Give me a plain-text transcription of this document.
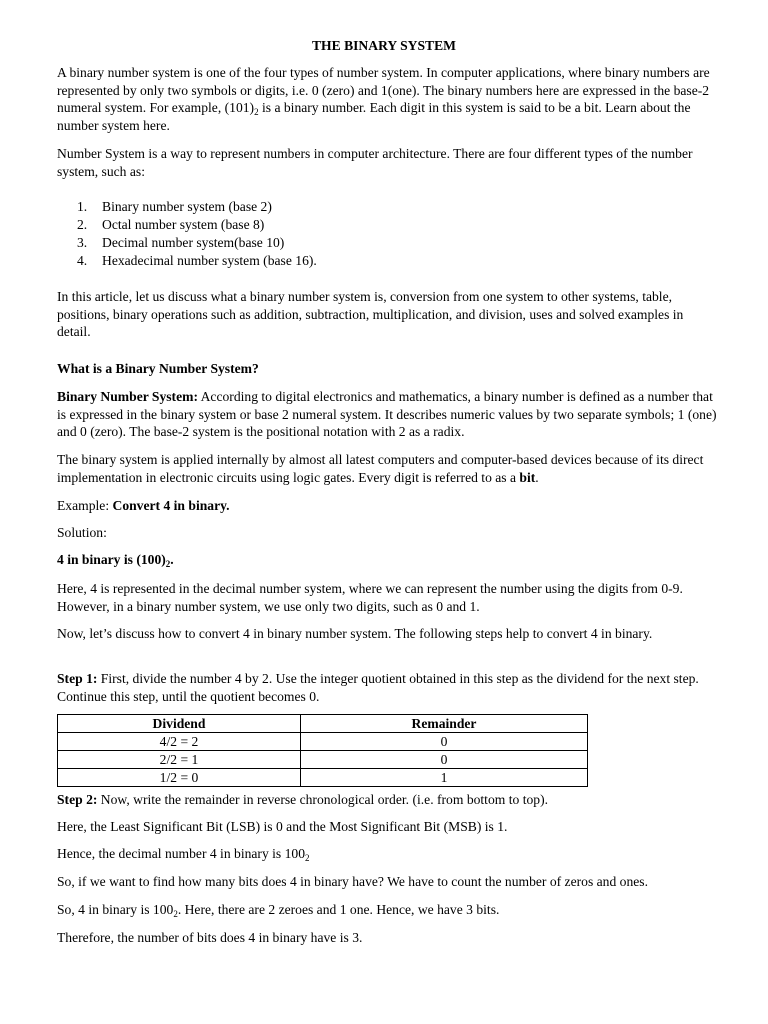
THE BINARY SYSTEM

A binary number system is one of the four types of number system. In computer applications, where binary numbers are represented by only two symbols or digits, i.e. 0 (zero) and 1(one). The binary numbers here are expressed in the base-2 numeral system. For example, $(101)_2$ is a binary number. Each digit in this system is said to be a bit. Learn about the number system here.

Number System is a way to represent numbers in computer architecture. There are four different types of the number system, such as:

1. Binary number system (base 2)
2. Octal number system (base 8)
3. Decimal number system(base 10)
4. Hexadecimal number system (base 16).

In this article, let us discuss what a binary number system is, conversion from one system to other systems, table, positions, binary operations such as addition, subtraction, multiplication, and division, uses and solved examples in detail.

What is a Binary Number System?

Binary Number System: According to digital electronics and mathematics, a binary number is defined as a number that is expressed in the binary system or base 2 numeral system. It describes numeric values by two separate symbols; 1 (one) and 0 (zero). The base-2 system is the positional notation with 2 as a radix.

The binary system is applied internally by almost all latest computers and computer-based devices because of its direct implementation in electronic circuits using logic gates. Every digit is referred to as a bit.

Example: Convert 4 in binary.

Solution:

4 in binary is $(100)_2$.

Here, 4 is represented in the decimal number system, where we can represent the number using the digits from 0-9. However, in a binary number system, we use only two digits, such as 0 and 1.

Now, let’s discuss how to convert 4 in binary number system. The following steps help to convert 4 in binary.

Step 1: First, divide the number 4 by 2. Use the integer quotient obtained in this step as the dividend for the next step. Continue this step, until the quotient becomes 0.

Dividend	Remainder
4/2 = 2	0
2/2 = 1	0
1/2 = 0	1

Step 2: Now, write the remainder in reverse chronological order. (i.e. from bottom to top).

Here, the Least Significant Bit (LSB) is 0 and the Most Significant Bit (MSB) is 1.

Hence, the decimal number 4 in binary is $100_2$

So, if we want to find how many bits does 4 in binary have? We have to count the number of zeros and ones.

So, 4 in binary is $100_2$. Here, there are 2 zeroes and 1 one. Hence, we have 3 bits.

Therefore, the number of bits does 4 in binary have is 3.
